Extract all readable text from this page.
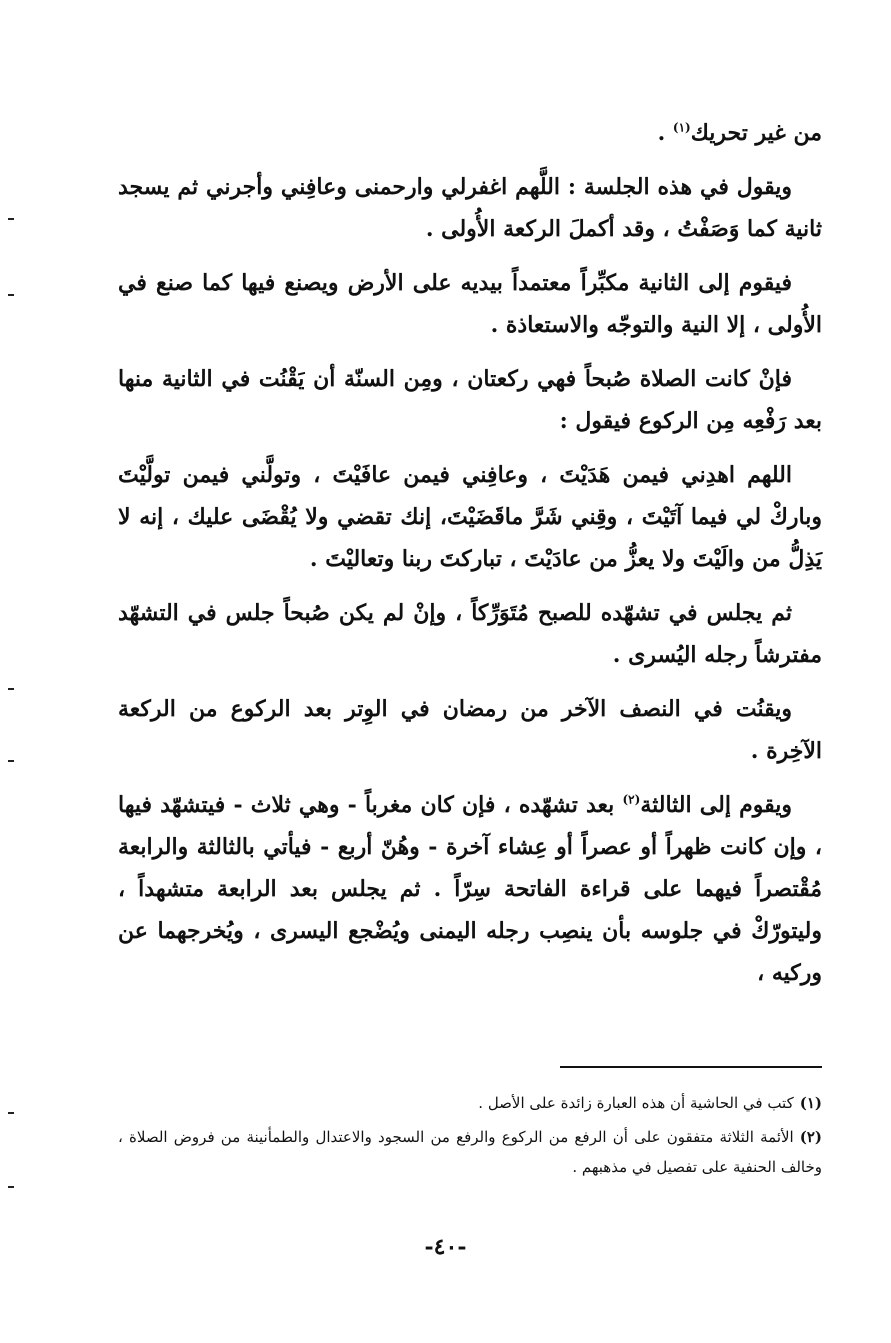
من غير تحريك$^{(١)}$ .

ويقول في هذه الجلسة : اللَّهم اغفرلي وارحمنى وعافِني وأجرني ثم يسجد ثانية كما وَصَفْتُ ، وقد أكملَ الركعة الأُولى .

فيقوم إلى الثانية مكبِّراً معتمداً بيديه على الأرض ويصنع فيها كما صنع في الأُولى ، إلا النية والتوجّه والاستعاذة .

فإنْ كانت الصلاة صُبحاً فهي ركعتان ، ومِن السنّة أن يَقْنُت في الثانية منها بعد رَفْعِه مِن الركوع فيقول :

اللهم اهدِني فيمن هَدَيْتَ ، وعافِني فيمن عافَيْتَ ، وتولَّني فيمن تولَّيْتَ وباركْ لي فيما آتَيْتَ ، وقِني شَرَّ ماقَضَيْتَ، إنك تقضي ولا يُقْضَى عليك ، إنه لا يَذِلُّ من والَيْتَ ولا يعزُّ من عادَيْتَ ، تباركتَ ربنا وتعاليْتَ .

ثم يجلس في تشهّده للصبح مُتَوَرِّكاً ، وإنْ لم يكن صُبحاً جلس في التشهّد مفترشاً رجله اليُسرى .

ويقنُت في النصف الآخر من رمضان في الوِتر بعد الركوع من الركعة الآخِرة .

ويقوم إلى الثالثة$^{(٢)}$ بعد تشهّده ، فإن كان مغرباً - وهي ثلاث - فيتشهّد فيها ، وإن كانت ظهراً أو عصراً أو عِشاء آخرة - وهُنّ أربع - فيأتي بالثالثة والرابعة مُقْتصراً فيهما على قراءة الفاتحة سِرّاً . ثم يجلس بعد الرابعة متشهداً ، وليتورّكْ في جلوسه بأن ينصِب رجله اليمنى ويُضْجع اليسرى ، ويُخرجهما عن وركيه ،

(١)كتب في الحاشية أن هذه العبارة زائدة على الأصل .

(٢)الأئمة الثلاثة متفقون على أن الرفع من الركوع والرفع من السجود والاعتدال والطمأنينة من فروض الصلاة ، وخالف الحنفية على تفصيل في مذهبهم .

-٤٠-
